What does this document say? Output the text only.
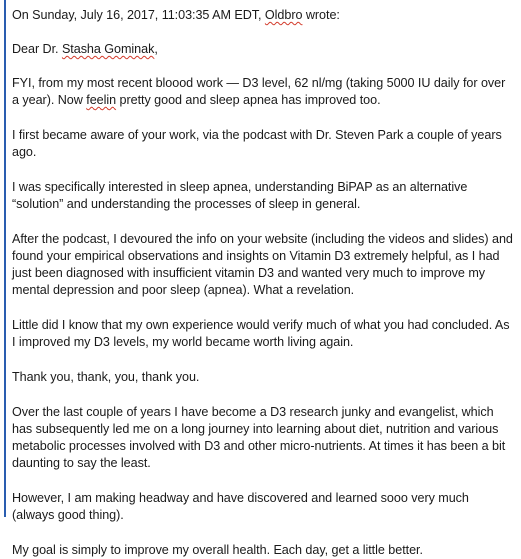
On Sunday, July 16, 2017, 11:03:35 AM EDT, Oldbro wrote:

Dear Dr. Stasha Gominak,

FYI, from my most recent bloood work — D3 level, 62 nl/mg (taking 5000 IU daily for over a year). Now feelin pretty good and sleep apnea has improved too.

I first became aware of your work, via the podcast with Dr. Steven Park a couple of years ago.

I was specifically interested in sleep apnea, understanding BiPAP as an alternative “solution” and understanding the processes of sleep in general.

After the podcast, I devoured the info on your website (including the videos and slides) and found your empirical observations and insights on Vitamin D3 extremely helpful, as I had just been diagnosed with insufficient vitamin D3 and wanted very much to improve my mental depression and poor sleep (apnea). What a revelation.

Little did I know that my own experience would verify much of what you had concluded. As I improved my D3 levels, my world became worth living again.

Thank you, thank, you, thank you.

Over the last couple of years I have become a D3 research junky and evangelist, which has subsequently led me on a long journey into learning about diet, nutrition and various metabolic processes involved with D3 and other micro-nutrients. At times it has been a bit daunting to say the least.

However, I am making headway and have discovered and learned sooo very much (always good thing).

My goal is simply to improve my overall health. Each day, get a little better.
